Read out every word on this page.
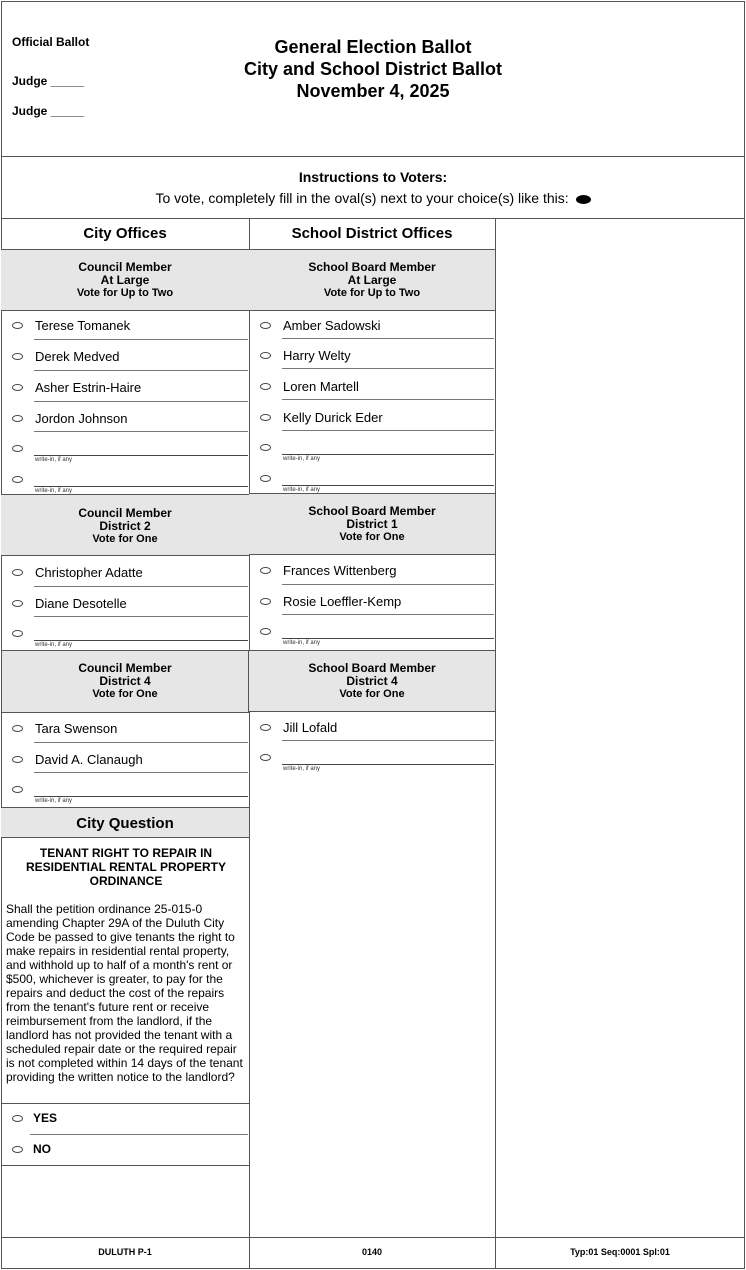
Official Ballot
Judge _____
Judge _____
General Election Ballot
City and School District Ballot
November 4, 2025
Instructions to Voters:
To vote, completely fill in the oval(s) next to your choice(s) like this:
City Offices	School District Offices
Council Member
At Large
Vote for Up to Two
Terese Tomanek
Derek Medved
Asher Estrin-Haire
Jordon Johnson
write-in, if any
write-in, if any
Council Member
District 2
Vote for One
Christopher Adatte
Diane Desotelle
write-in, if any
Council Member
District 4
Vote for One
Tara Swenson
David A. Clanaugh
write-in, if any
City Question
TENANT RIGHT TO REPAIR IN RESIDENTIAL RENTAL PROPERTY ORDINANCE
Shall the petition ordinance 25-015-0 amending Chapter 29A of the Duluth City Code be passed to give tenants the right to make repairs in residential rental property, and withhold up to half of a month's rent or $500, whichever is greater, to pay for the repairs and deduct the cost of the repairs from the tenant's future rent or receive reimbursement from the landlord, if the landlord has not provided the tenant with a scheduled repair date or the required repair is not completed within 14 days of the tenant providing the written notice to the landlord?
YES
NO
School Board Member
At Large
Vote for Up to Two
Amber Sadowski
Harry Welty
Loren Martell
Kelly Durick Eder
write-in, if any
write-in, if any
School Board Member
District 1
Vote for One
Frances Wittenberg
Rosie Loeffler-Kemp
write-in, if any
School Board Member
District 4
Vote for One
Jill Lofald
write-in, if any
DULUTH P-1	0140	Typ:01 Seq:0001 Spl:01
